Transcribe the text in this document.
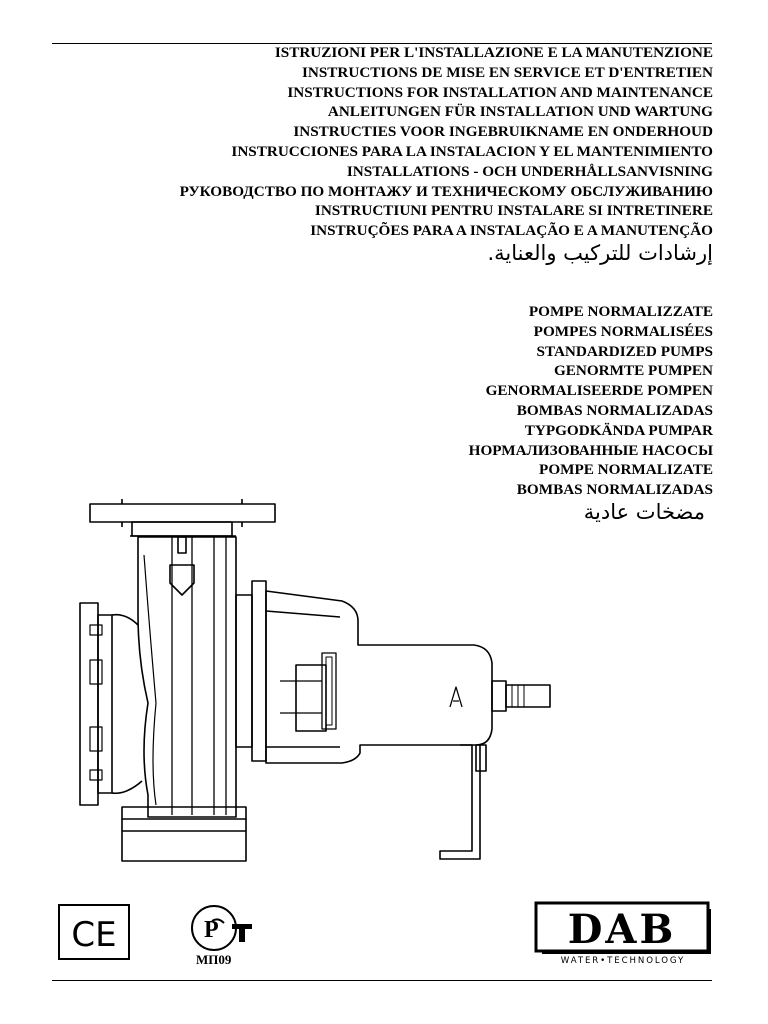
ISTRUZIONI PER L'INSTALLAZIONE E LA MANUTENZIONE
INSTRUCTIONS DE MISE EN SERVICE ET D'ENTRETIEN
INSTRUCTIONS FOR INSTALLATION AND MAINTENANCE
ANLEITUNGEN FÜR INSTALLATION UND WARTUNG
INSTRUCTIES VOOR INGEBRUIKNAME EN ONDERHOUD
INSTRUCCIONES PARA LA INSTALACION Y EL MANTENIMIENTO
INSTALLATIONS - OCH UNDERHÅLLSANVISNING
РУКОВОДСТВО ПО МОНТАЖУ И ТЕХНИЧЕСКОМУ ОБСЛУЖИВАНИЮ
INSTRUCTIUNI PENTRU INSTALARE SI INTRETINERE
INSTRUÇÕES PARA A INSTALAÇÃO E A MANUTENÇÃO
إرشادات للتركيب والعناية.
POMPE NORMALIZZATE
POMPES NORMALISÉES
STANDARDIZED PUMPS
GENORMTE PUMPEN
GENORMALISEERDE POMPEN
BOMBAS NORMALIZADAS
TYPGODKÄNDA PUMPAR
НОРМАЛИЗОВАННЫЕ НАСОСЫ
POMPE NORMALIZATE
BOMBAS NORMALIZADAS
مضخات عادية
CE	Р
МП09
DAB
WATER•TECHNOLOGY
